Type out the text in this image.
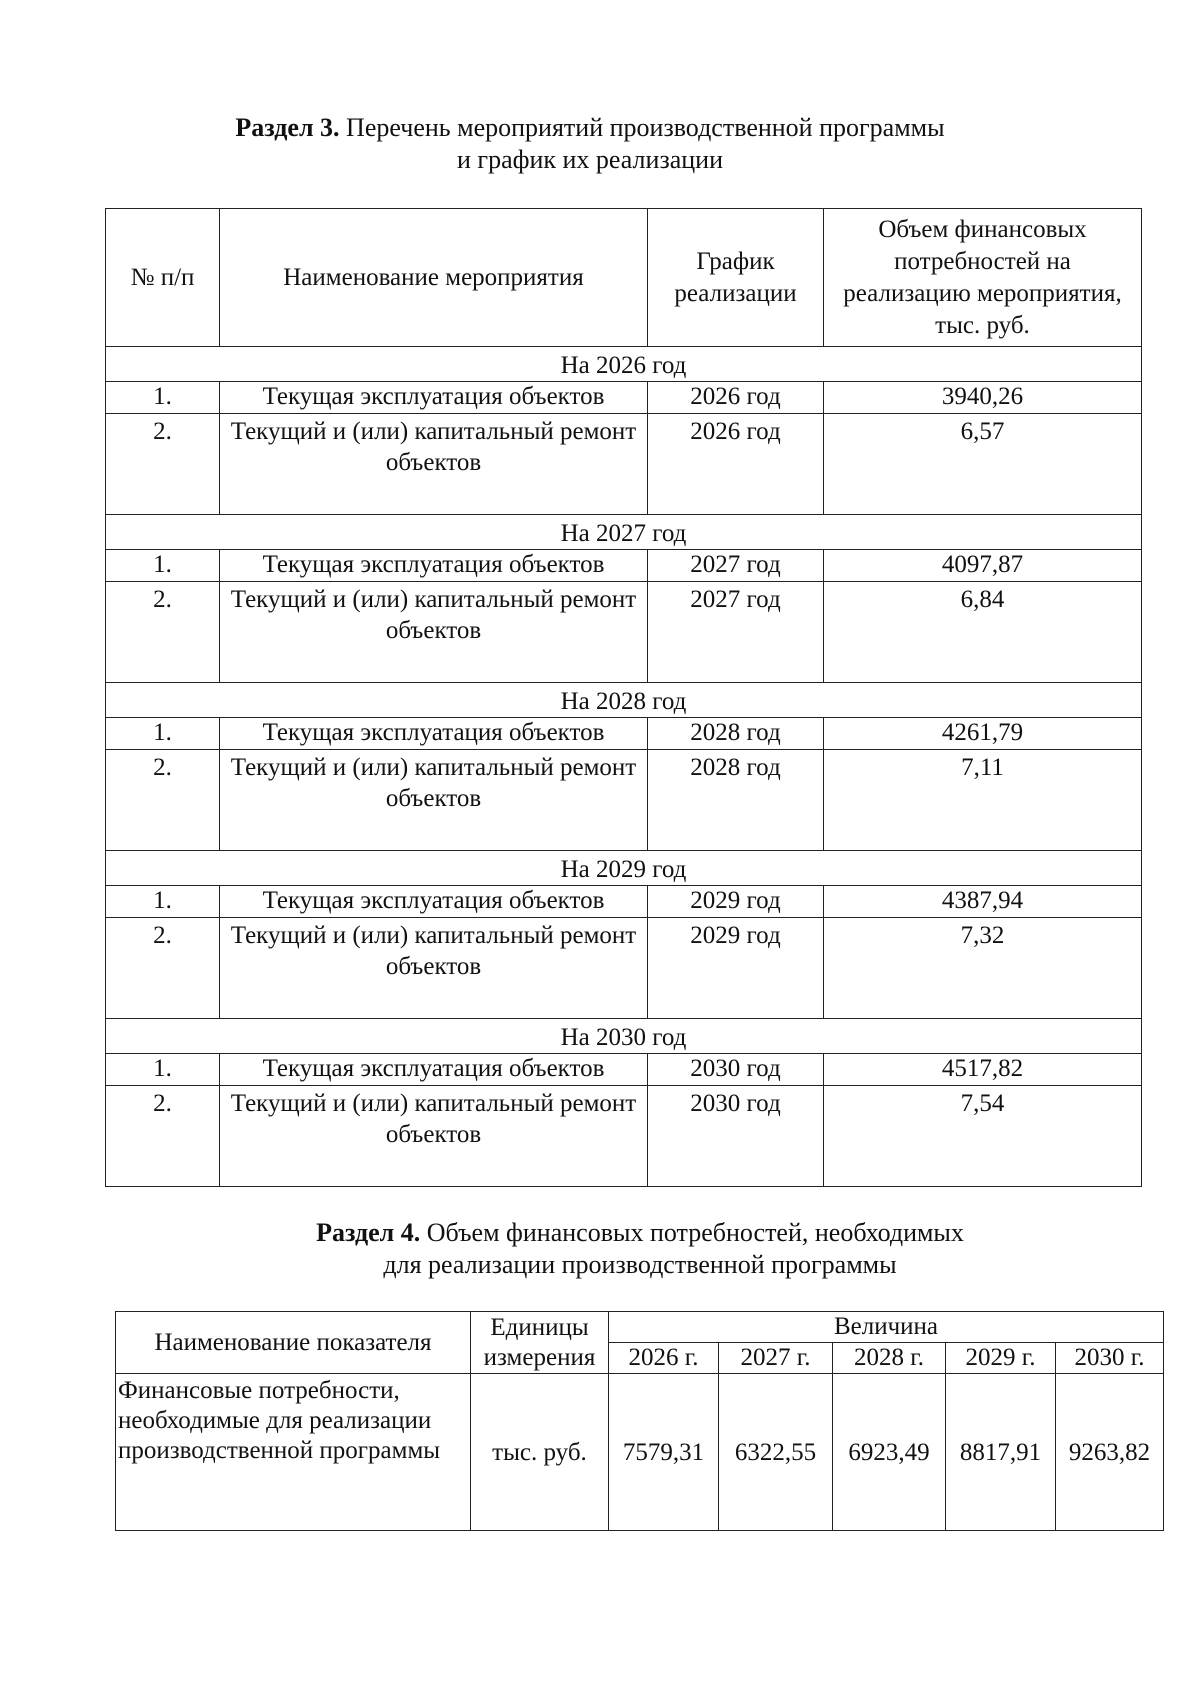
Раздел 3. Перечень мероприятий производственной программы
и график их реализации
№ п/п	Наименование мероприятия	График реализации	Объем финансовых потребностей на реализацию мероприятия, тыс. руб.
На 2026 год			
1.	Текущая эксплуатация объектов	2026 год	3940,26
2.	Текущий и (или) капитальный ремонт объектов	2026 год	6,57
На 2027 год			
1.	Текущая эксплуатация объектов	2027 год	4097,87
2.	Текущий и (или) капитальный ремонт объектов	2027 год	6,84
На 2028 год			
1.	Текущая эксплуатация объектов	2028 год	4261,79
2.	Текущий и (или) капитальный ремонт объектов	2028 год	7,11
На 2029 год			
1.	Текущая эксплуатация объектов	2029 год	4387,94
2.	Текущий и (или) капитальный ремонт объектов	2029 год	7,32
На 2030 год			
1.	Текущая эксплуатация объектов	2030 год	4517,82
2.	Текущий и (или) капитальный ремонт объектов	2030 год	7,54
Раздел 4. Объем финансовых потребностей, необходимых
для реализации производственной программы
Наименование показателя	Единицы измерения	Величина				
		2026 г.	2027 г.	2028 г.	2029 г.	2030 г.
Финансовые потребности, необходимые для реализации производственной программы	тыс. руб.	7579,31	6322,55	6923,49	8817,91	9263,82
